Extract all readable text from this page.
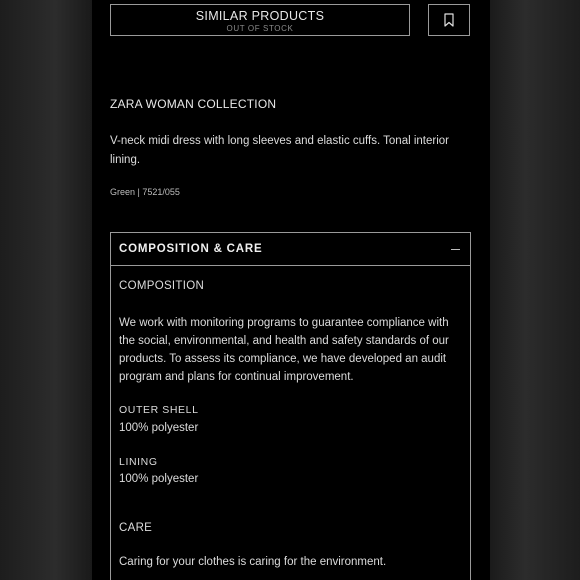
SIMILAR PRODUCTS
OUT OF STOCK
ZARA WOMAN COLLECTION
V-neck midi dress with long sleeves and elastic cuffs. Tonal interior lining.
Green | 7521/055
COMPOSITION & CARE
COMPOSITION
We work with monitoring programs to guarantee compliance with the social, environmental, and health and safety standards of our products. To assess its compliance, we have developed an audit program and plans for continual improvement.
OUTER SHELL
100% polyester
LINING
100% polyester
CARE
Caring for your clothes is caring for the environment.
